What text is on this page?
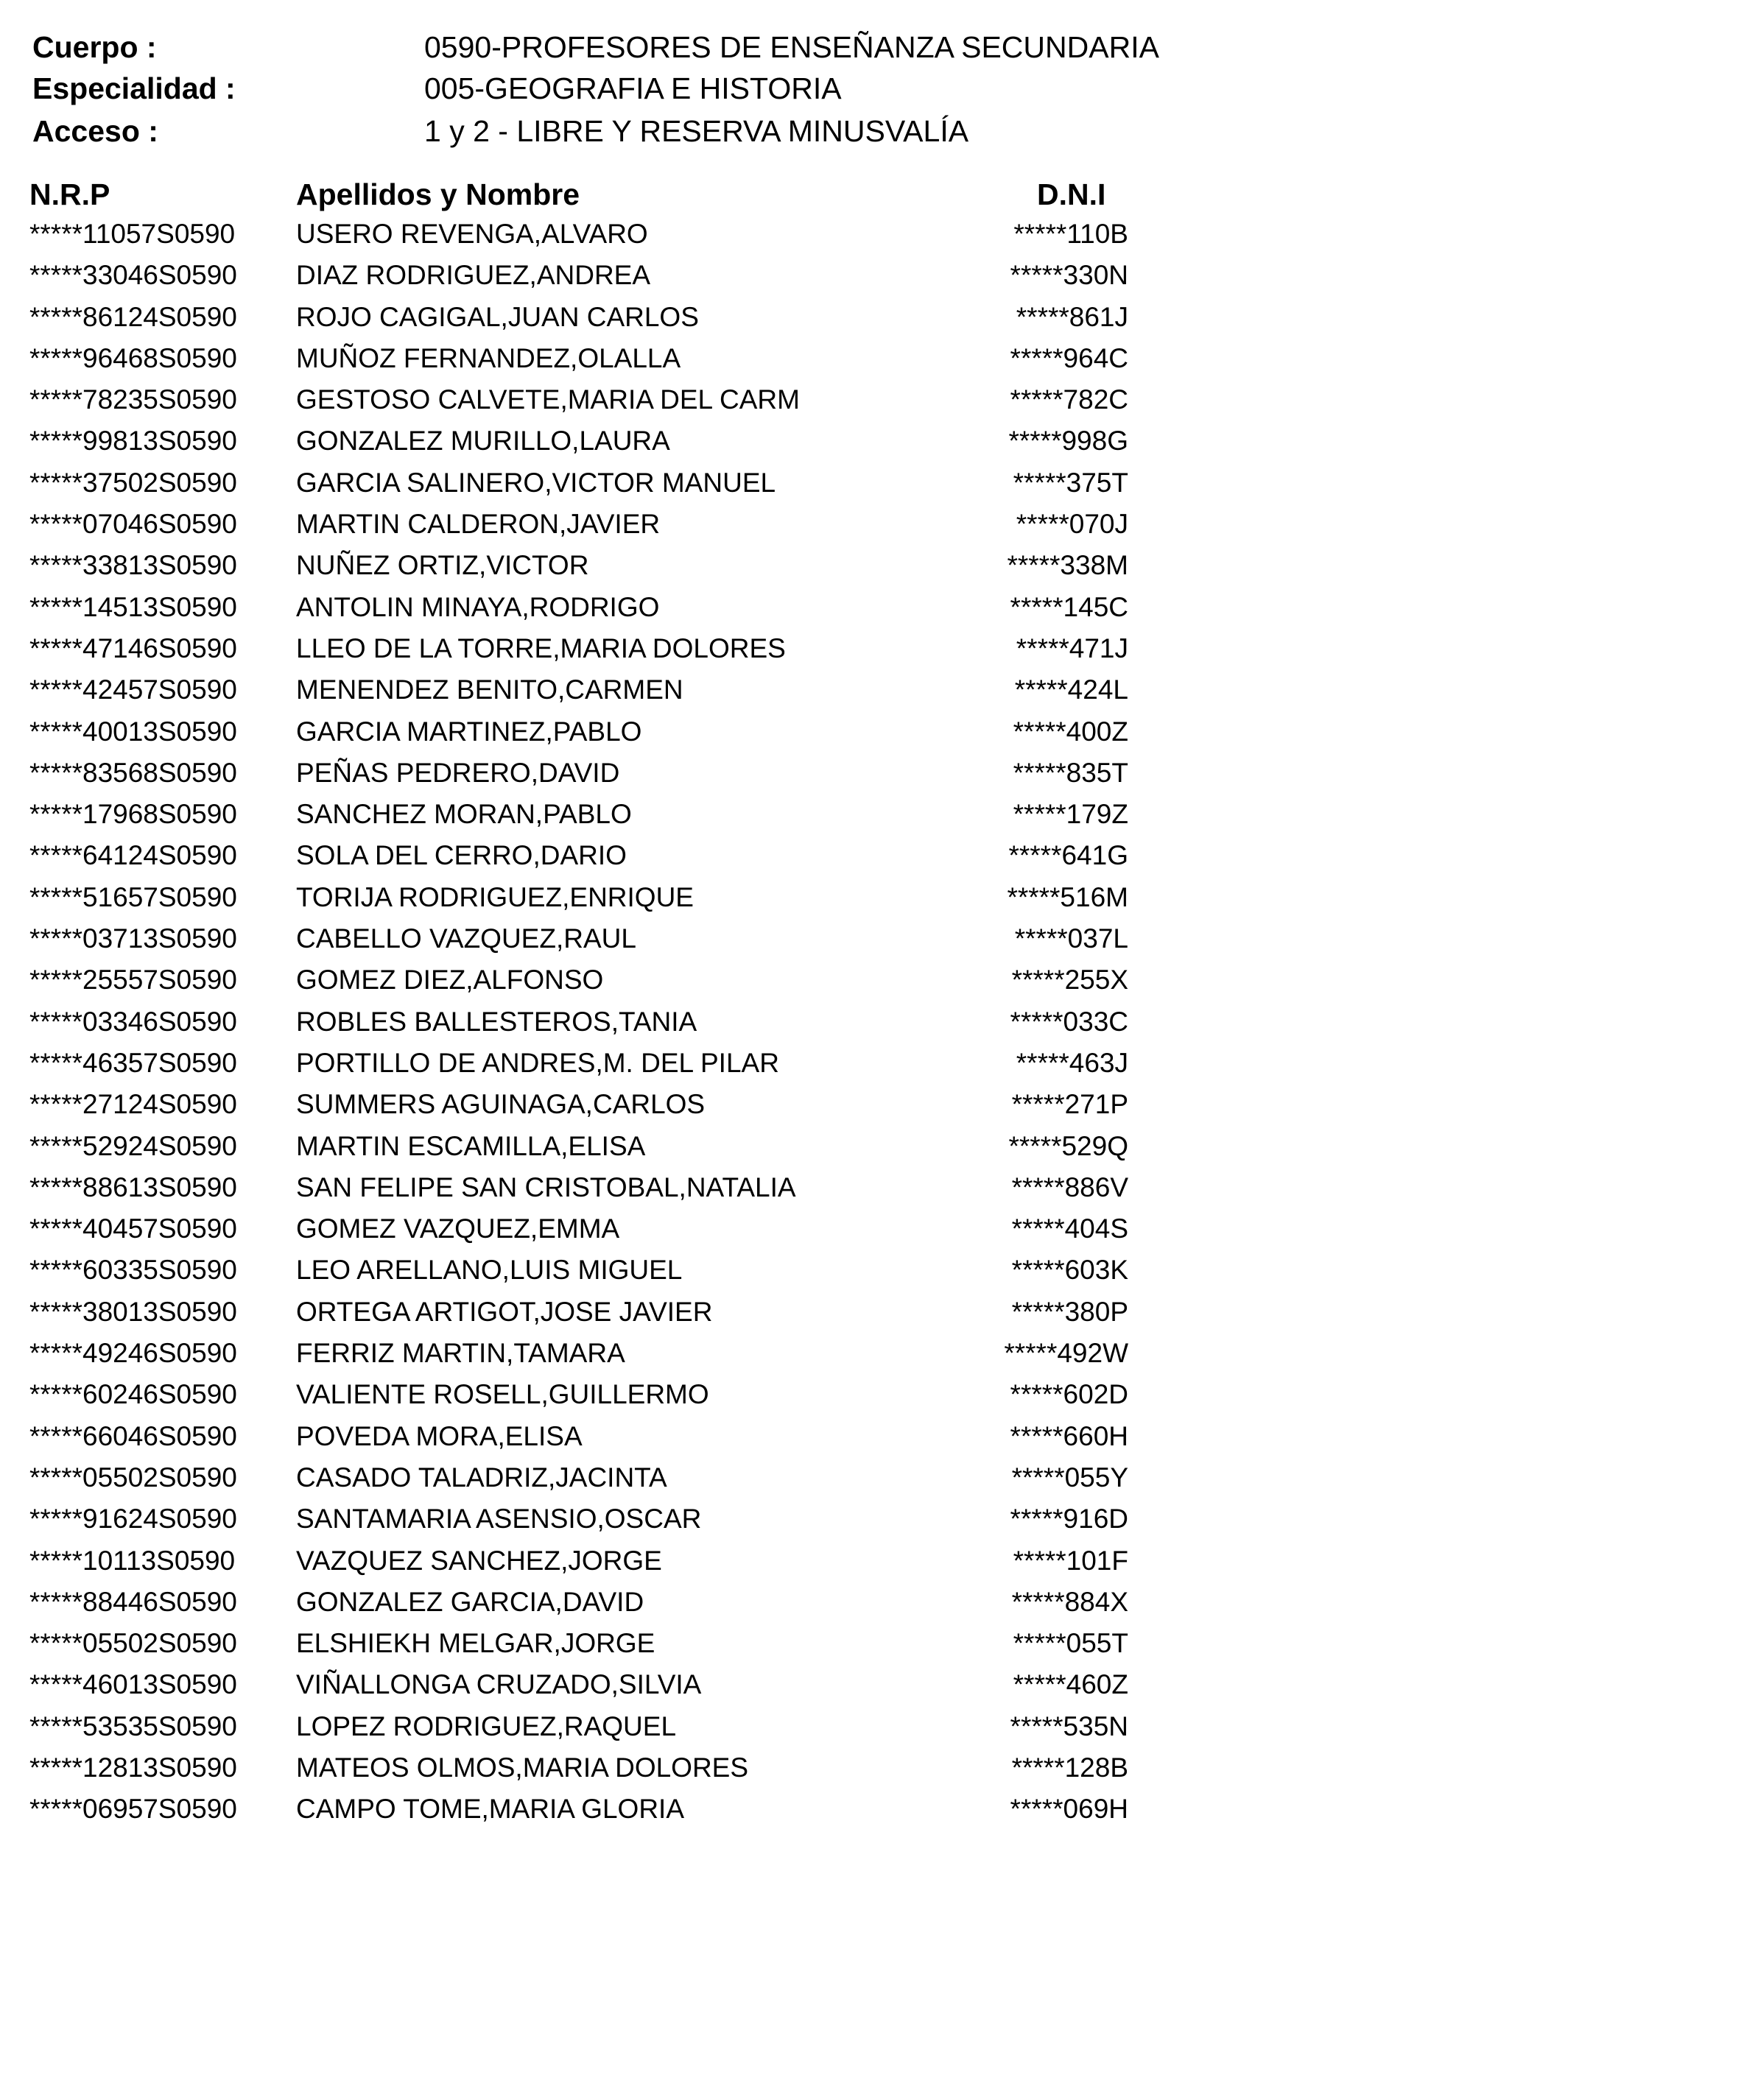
Cuerpo :	0590-PROFESORES DE ENSEÑANZA SECUNDARIA
Especialidad :	005-GEOGRAFIA E HISTORIA
Acceso :	1 y 2 - LIBRE Y RESERVA MINUSVALÍA
N.R.P	Apellidos y Nombre	D.N.I
*****11057S0590 USERO REVENGA,ALVARO	*****110B
*****33046S0590 DIAZ RODRIGUEZ,ANDREA	*****330N
*****86124S0590 ROJO CAGIGAL,JUAN CARLOS	*****861J
*****96468S0590 MUÑOZ FERNANDEZ,OLALLA	*****964C
*****78235S0590 GESTOSO CALVETE,MARIA DEL CARM	*****782C
*****99813S0590 GONZALEZ MURILLO,LAURA	*****998G
*****37502S0590 GARCIA SALINERO,VICTOR MANUEL	*****375T
*****07046S0590 MARTIN CALDERON,JAVIER	*****070J
*****33813S0590 NUÑEZ ORTIZ,VICTOR	*****338M
*****14513S0590 ANTOLIN MINAYA,RODRIGO	*****145C
*****47146S0590 LLEO DE LA TORRE,MARIA DOLORES	*****471J
*****42457S0590 MENENDEZ BENITO,CARMEN	*****424L
*****40013S0590 GARCIA MARTINEZ,PABLO	*****400Z
*****83568S0590 PEÑAS PEDRERO,DAVID	*****835T
*****17968S0590 SANCHEZ MORAN,PABLO	*****179Z
*****64124S0590 SOLA DEL CERRO,DARIO	*****641G
*****51657S0590 TORIJA RODRIGUEZ,ENRIQUE	*****516M
*****03713S0590 CABELLO VAZQUEZ,RAUL	*****037L
*****25557S0590 GOMEZ DIEZ,ALFONSO	*****255X
*****03346S0590 ROBLES BALLESTEROS,TANIA	*****033C
*****46357S0590 PORTILLO DE ANDRES,M. DEL PILAR	*****463J
*****27124S0590 SUMMERS AGUINAGA,CARLOS	*****271P
*****52924S0590 MARTIN ESCAMILLA,ELISA	*****529Q
*****88613S0590 SAN FELIPE SAN CRISTOBAL,NATALIA	*****886V
*****40457S0590 GOMEZ VAZQUEZ,EMMA	*****404S
*****60335S0590 LEO ARELLANO,LUIS MIGUEL	*****603K
*****38013S0590 ORTEGA ARTIGOT,JOSE JAVIER	*****380P
*****49246S0590 FERRIZ MARTIN,TAMARA	*****492W
*****60246S0590 VALIENTE ROSELL,GUILLERMO	*****602D
*****66046S0590 POVEDA MORA,ELISA	*****660H
*****05502S0590 CASADO TALADRIZ,JACINTA	*****055Y
*****91624S0590 SANTAMARIA ASENSIO,OSCAR	*****916D
*****10113S0590 VAZQUEZ SANCHEZ,JORGE	*****101F
*****88446S0590 GONZALEZ GARCIA,DAVID	*****884X
*****05502S0590 ELSHIEKH MELGAR,JORGE	*****055T
*****46013S0590 VIÑALLONGA CRUZADO,SILVIA	*****460Z
*****53535S0590 LOPEZ RODRIGUEZ,RAQUEL	*****535N
*****12813S0590 MATEOS OLMOS,MARIA DOLORES	*****128B
*****06957S0590 CAMPO TOME,MARIA GLORIA	*****069H
